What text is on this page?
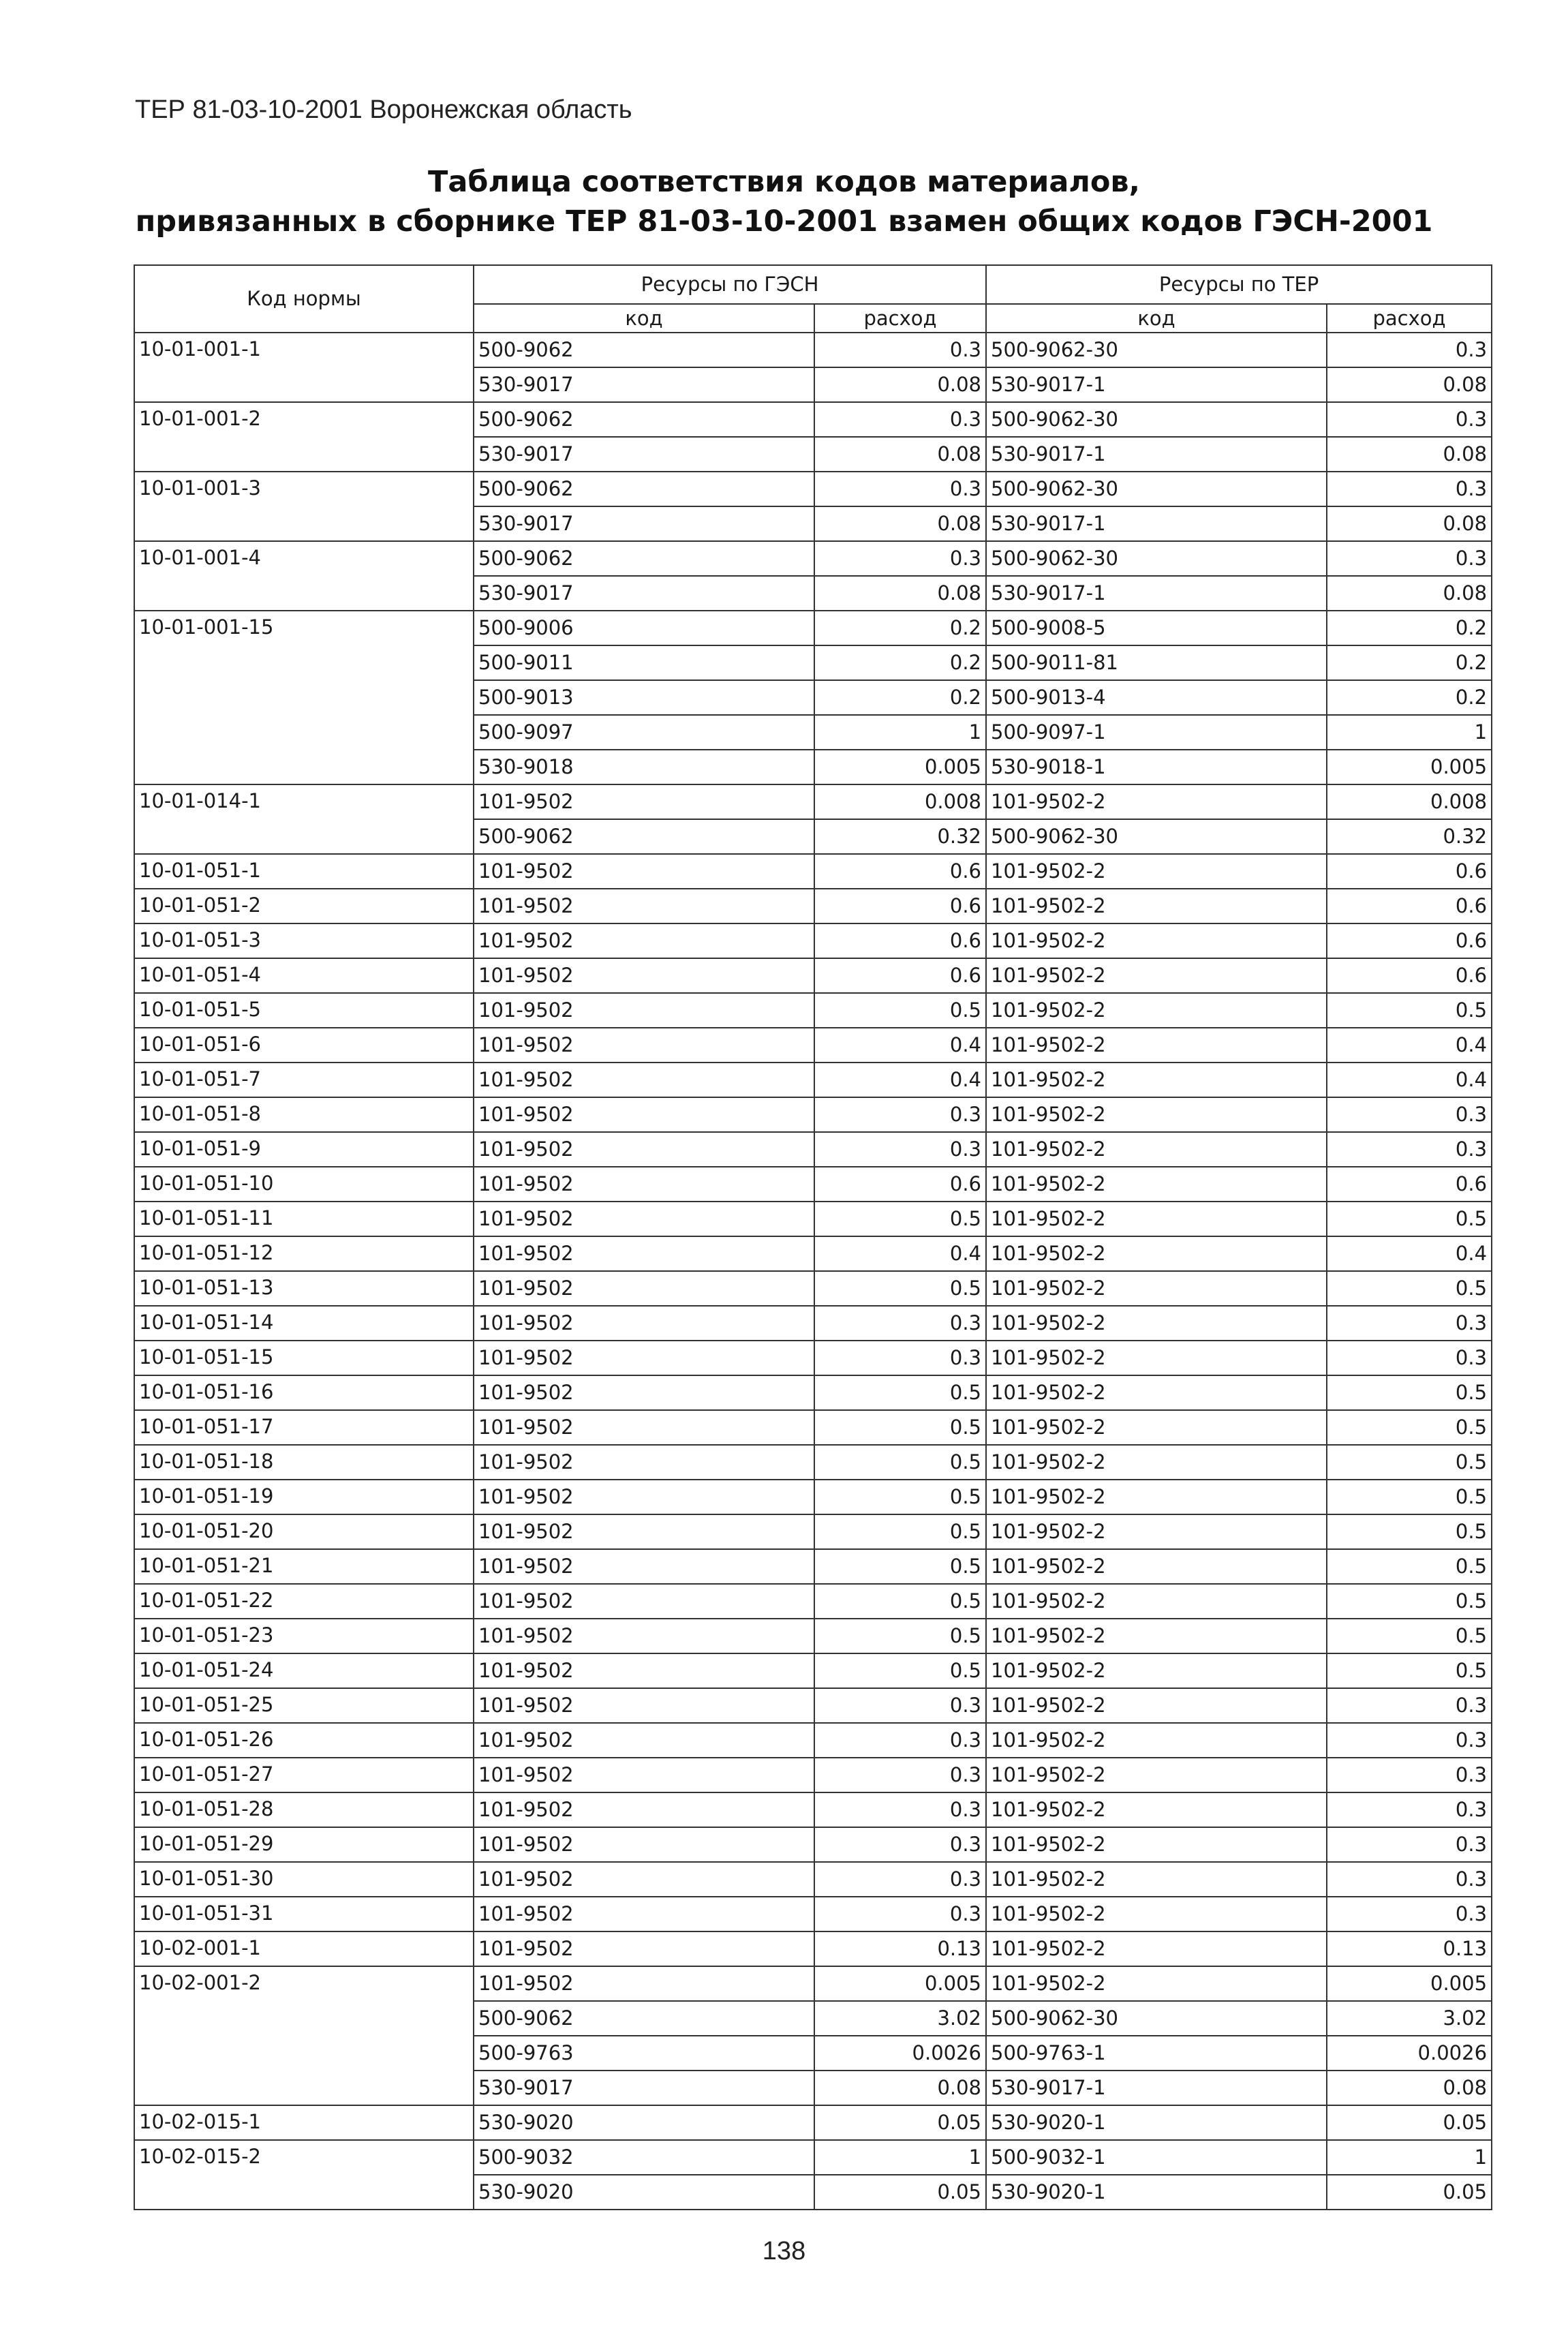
ТЕР 81-03-10-2001 Воронежская область
Таблица соответствия кодов материалов,
привязанных в сборнике ТЕР 81-03-10-2001 взамен общих кодов ГЭСН-2001
Код нормы	Ресурсы по ГЭСН		Ресурсы по ТЕР	
	код	расход	код	расход
10-01-001-1	500-9062	0.3	500-9062-30	0.3
	530-9017	0.08	530-9017-1	0.08
10-01-001-2	500-9062	0.3	500-9062-30	0.3
	530-9017	0.08	530-9017-1	0.08
10-01-001-3	500-9062	0.3	500-9062-30	0.3
	530-9017	0.08	530-9017-1	0.08
10-01-001-4	500-9062	0.3	500-9062-30	0.3
	530-9017	0.08	530-9017-1	0.08
10-01-001-15	500-9006	0.2	500-9008-5	0.2
	500-9011	0.2	500-9011-81	0.2
	500-9013	0.2	500-9013-4	0.2
	500-9097	1	500-9097-1	1
	530-9018	0.005	530-9018-1	0.005
10-01-014-1	101-9502	0.008	101-9502-2	0.008
	500-9062	0.32	500-9062-30	0.32
10-01-051-1	101-9502	0.6	101-9502-2	0.6
10-01-051-2	101-9502	0.6	101-9502-2	0.6
10-01-051-3	101-9502	0.6	101-9502-2	0.6
10-01-051-4	101-9502	0.6	101-9502-2	0.6
10-01-051-5	101-9502	0.5	101-9502-2	0.5
10-01-051-6	101-9502	0.4	101-9502-2	0.4
10-01-051-7	101-9502	0.4	101-9502-2	0.4
10-01-051-8	101-9502	0.3	101-9502-2	0.3
10-01-051-9	101-9502	0.3	101-9502-2	0.3
10-01-051-10	101-9502	0.6	101-9502-2	0.6
10-01-051-11	101-9502	0.5	101-9502-2	0.5
10-01-051-12	101-9502	0.4	101-9502-2	0.4
10-01-051-13	101-9502	0.5	101-9502-2	0.5
10-01-051-14	101-9502	0.3	101-9502-2	0.3
10-01-051-15	101-9502	0.3	101-9502-2	0.3
10-01-051-16	101-9502	0.5	101-9502-2	0.5
10-01-051-17	101-9502	0.5	101-9502-2	0.5
10-01-051-18	101-9502	0.5	101-9502-2	0.5
10-01-051-19	101-9502	0.5	101-9502-2	0.5
10-01-051-20	101-9502	0.5	101-9502-2	0.5
10-01-051-21	101-9502	0.5	101-9502-2	0.5
10-01-051-22	101-9502	0.5	101-9502-2	0.5
10-01-051-23	101-9502	0.5	101-9502-2	0.5
10-01-051-24	101-9502	0.5	101-9502-2	0.5
10-01-051-25	101-9502	0.3	101-9502-2	0.3
10-01-051-26	101-9502	0.3	101-9502-2	0.3
10-01-051-27	101-9502	0.3	101-9502-2	0.3
10-01-051-28	101-9502	0.3	101-9502-2	0.3
10-01-051-29	101-9502	0.3	101-9502-2	0.3
10-01-051-30	101-9502	0.3	101-9502-2	0.3
10-01-051-31	101-9502	0.3	101-9502-2	0.3
10-02-001-1	101-9502	0.13	101-9502-2	0.13
10-02-001-2	101-9502	0.005	101-9502-2	0.005
	500-9062	3.02	500-9062-30	3.02
	500-9763	0.0026	500-9763-1	0.0026
	530-9017	0.08	530-9017-1	0.08
10-02-015-1	530-9020	0.05	530-9020-1	0.05
10-02-015-2	500-9032	1	500-9032-1	1
	530-9020	0.05	530-9020-1	0.05
138
